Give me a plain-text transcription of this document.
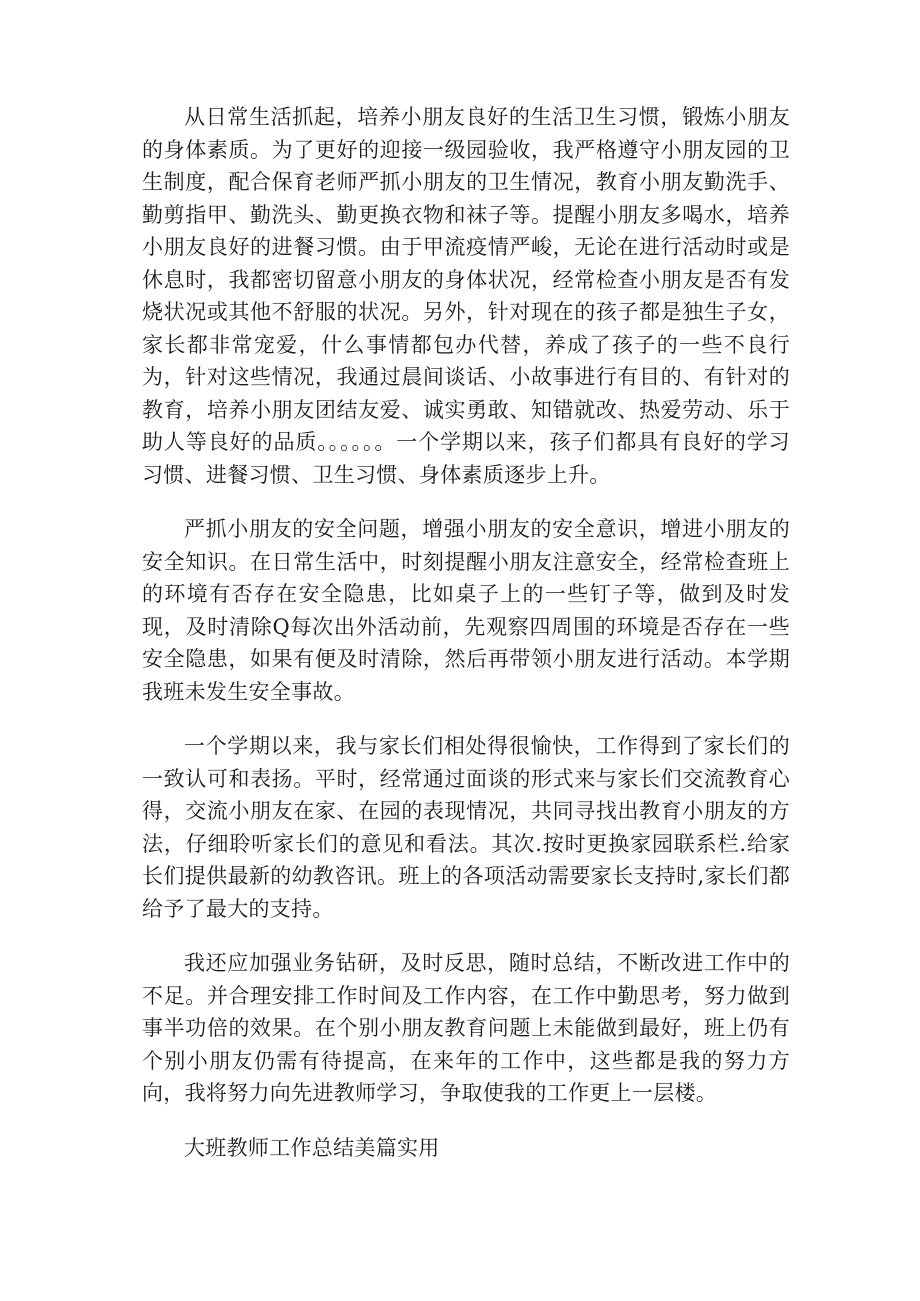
从日常生活抓起，培养小朋友良好的生活卫生习惯，锻炼小朋友的身体素质。为了更好的迎接一级园验收，我严格遵守小朋友园的卫生制度，配合保育老师严抓小朋友的卫生情况，教育小朋友勤洗手、勤剪指甲、勤洗头、勤更换衣物和袜子等。提醒小朋友多喝水，培养小朋友良好的进餐习惯。由于甲流疫情严峻，无论在进行活动时或是休息时，我都密切留意小朋友的身体状况，经常检查小朋友是否有发烧状况或其他不舒服的状况。另外，针对现在的孩子都是独生子女，家长都非常宠爱，什么事情都包办代替，养成了孩子的一些不良行为，针对这些情况，我通过晨间谈话、小故事进行有目的、有针对的教育，培养小朋友团结友爱、诚实勇敢、知错就改、热爱劳动、乐于助人等良好的品质。。。。。。一个学期以来，孩子们都具有良好的学习习惯、进餐习惯、卫生习惯、身体素质逐步上升。

严抓小朋友的安全问题，增强小朋友的安全意识，增进小朋友的安全知识。在日常生活中，时刻提醒小朋友注意安全，经常检查班上的环境有否存在安全隐患，比如桌子上的一些钉子等，做到及时发现，及时清除Q每次出外活动前，先观察四周围的环境是否存在一些安全隐患，如果有便及时清除，然后再带领小朋友进行活动。本学期我班未发生安全事故。

一个学期以来，我与家长们相处得很愉快，工作得到了家长们的一致认可和表扬。平时，经常通过面谈的形式来与家长们交流教育心得，交流小朋友在家、在园的表现情况，共同寻找出教育小朋友的方法，仔细聆听家长们的意见和看法。其次.按时更换家园联系栏.给家长们提供最新的幼教咨讯。班上的各项活动需要家长支持时,家长们都给予了最大的支持。

我还应加强业务钻研，及时反思，随时总结，不断改进工作中的不足。并合理安排工作时间及工作内容，在工作中勤思考，努力做到事半功倍的效果。在个别小朋友教育问题上未能做到最好，班上仍有个别小朋友仍需有待提高，在来年的工作中，这些都是我的努力方向，我将努力向先进教师学习，争取使我的工作更上一层楼。

大班教师工作总结美篇实用
